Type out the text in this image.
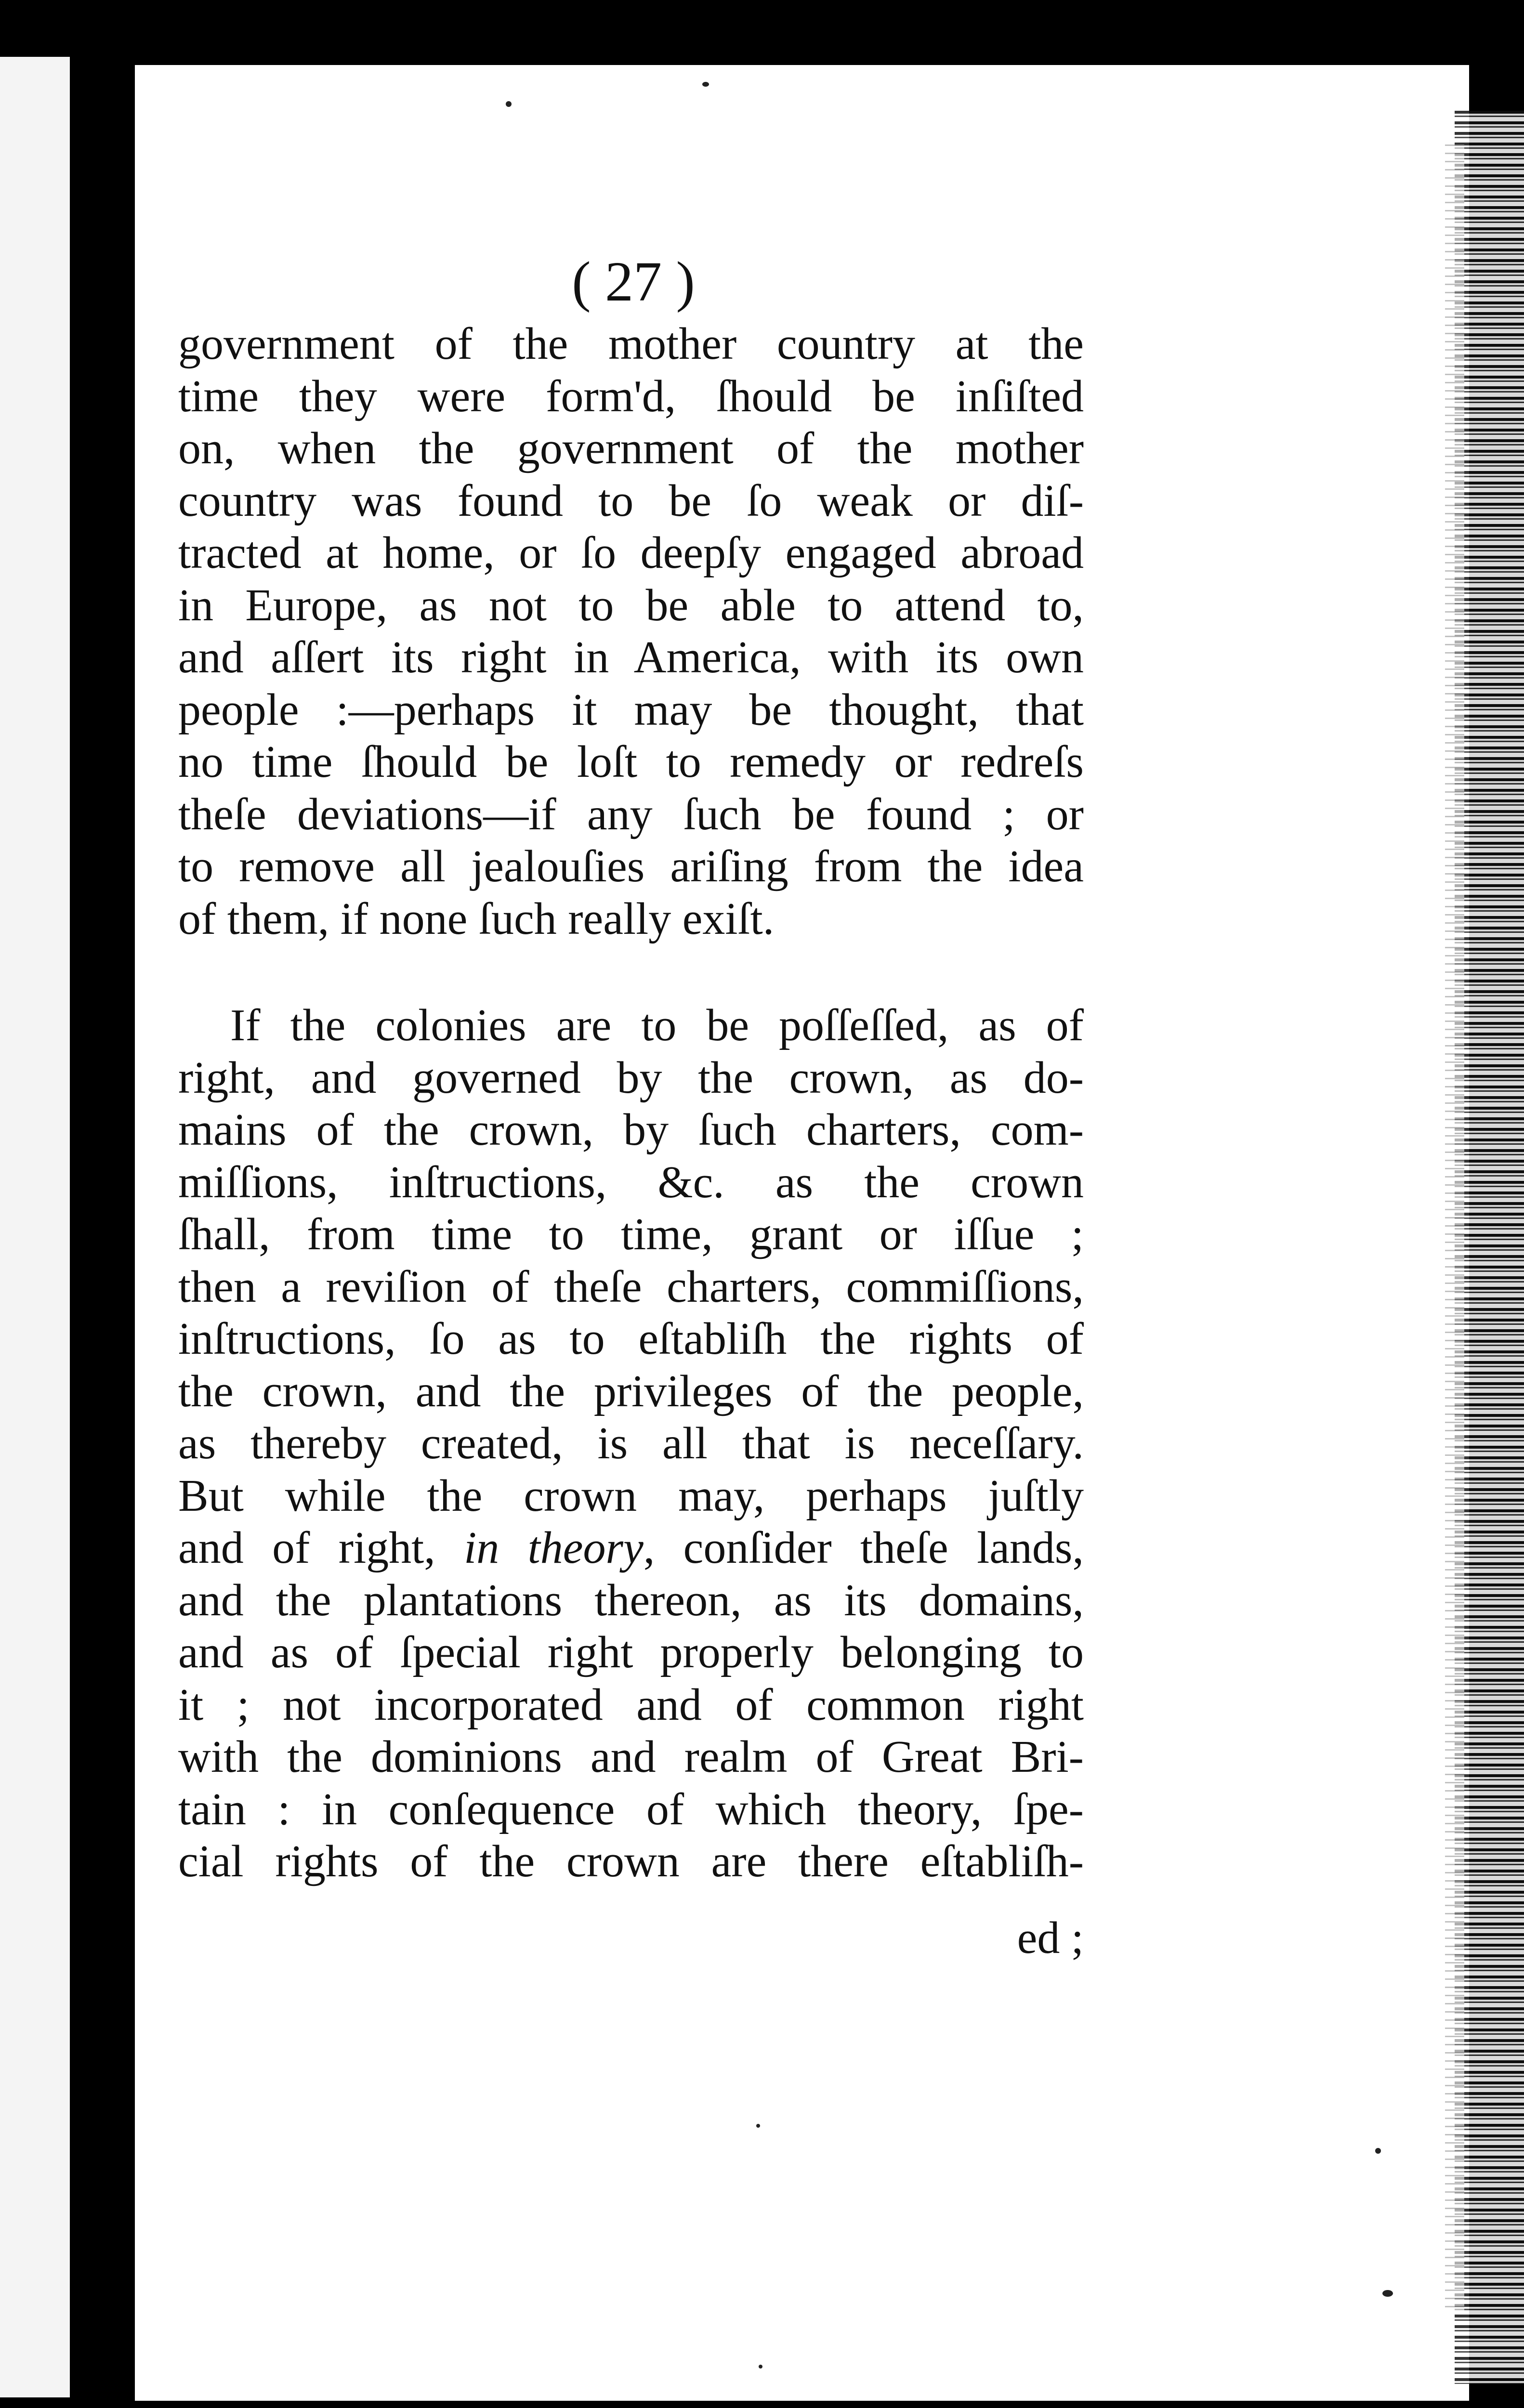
( 27 )
government of the mother country at the
time they were form'd, ſhould be inſiſted
on, when the government of the mother
country was found to be ſo weak or diſ-
tracted at home, or ſo deepſy engaged abroad
in Europe, as not to be able to attend to,
and aſſert its right in America, with its own
people :—perhaps it may be thought, that
no time ſhould be loſt to remedy or redreſs
theſe deviations—if any ſuch be found ; or
to remove all jealouſies ariſing from the idea
of them, if none ſuch really exiſt.
If the colonies are to be poſſeſſed, as of
right, and governed by the crown, as do-
mains of the crown, by ſuch charters, com-
miſſions, inſtructions, &c. as the crown
ſhall, from time to time, grant or iſſue ;
then a reviſion of theſe charters, commiſſions,
inſtructions, ſo as to eſtabliſh the rights of
the crown, and the privileges of the people,
as thereby created, is all that is neceſſary.
But while the crown may, perhaps juſtly
and of right, in theory, conſider theſe lands,
and the plantations thereon, as its domains,
and as of ſpecial right properly belonging to
it ; not incorporated and of common right
with the dominions and realm of Great Bri-
tain : in conſequence of which theory, ſpe-
cial rights of the crown are there eſtabliſh-
ed ;
